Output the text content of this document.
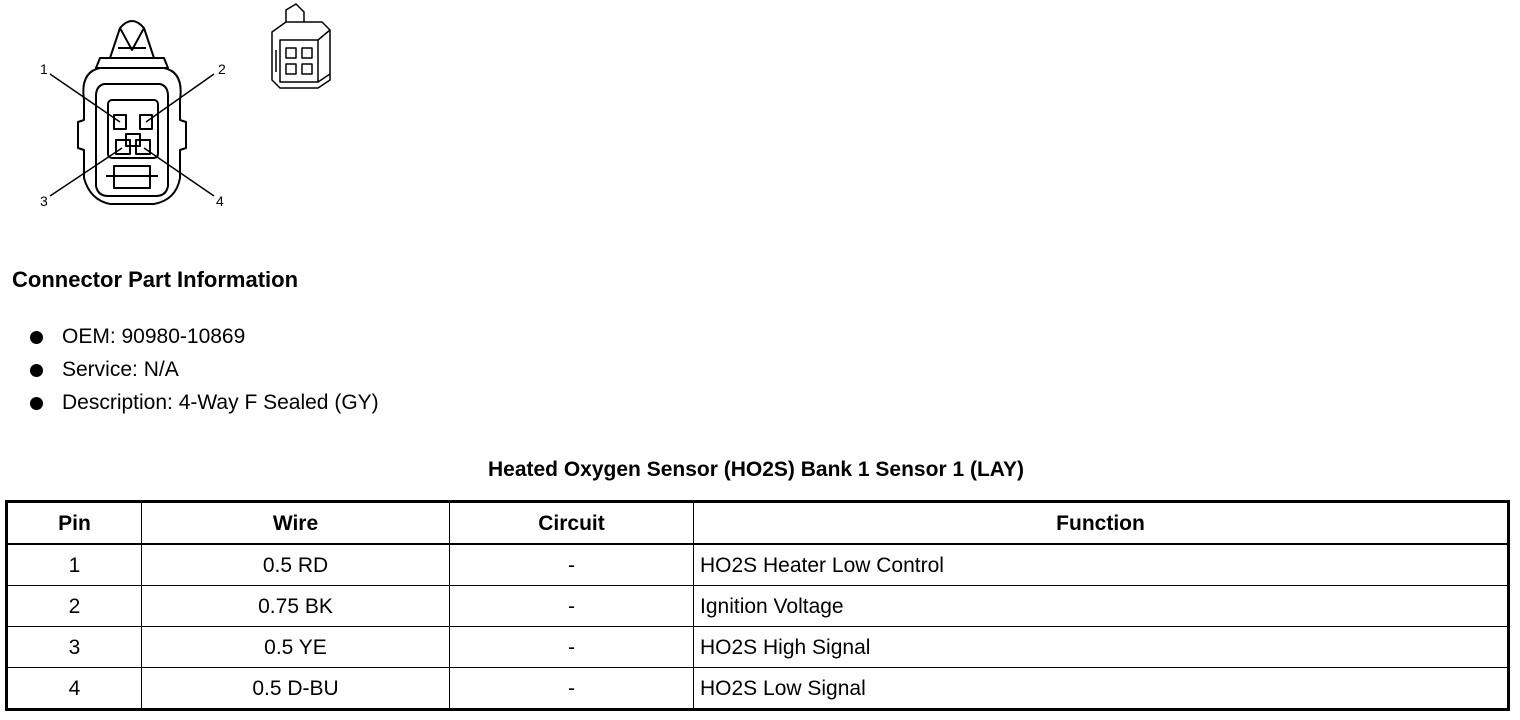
1	2
3	4
Connector Part Information
OEM: 90980-10869
Service: N/A
Description: 4-Way F Sealed (GY)
Heated Oxygen Sensor (HO2S) Bank 1 Sensor 1 (LAY)
Pin	Wire	Circuit	Function
1	0.5 RD	-	HO2S Heater Low Control
2	0.75 BK	-	Ignition Voltage
3	0.5 YE	-	HO2S High Signal
4	0.5 D-BU	-	HO2S Low Signal
